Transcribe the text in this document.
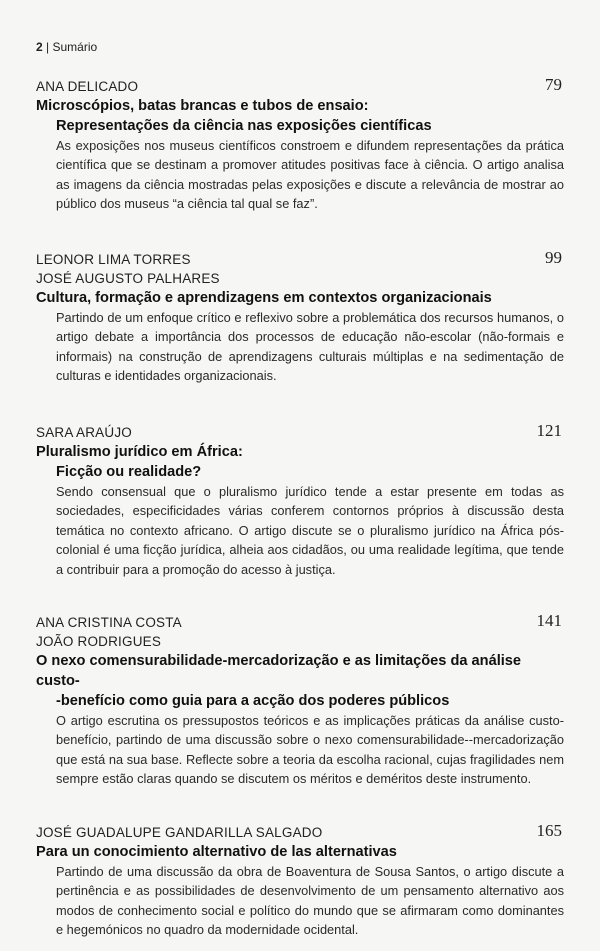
2 | Sumário
ANA DELICADO	79
Microscópios, batas brancas e tubos de ensaio:
Representações da ciência nas exposições científicas
As exposições nos museus científicos constroem e difundem representações da prática científica que se destinam a promover atitudes positivas face à ciência. O artigo analisa as imagens da ciência mostradas pelas exposições e discute a relevância de mostrar ao público dos museus “a ciência tal qual se faz”.
LEONOR LIMA TORRES	99
JOSÉ AUGUSTO PALHARES
Cultura, formação e aprendizagens em contextos organizacionais
Partindo de um enfoque crítico e reflexivo sobre a problemática dos recursos humanos, o artigo debate a importância dos processos de educação não-escolar (não-formais e informais) na construção de aprendizagens culturais múltiplas e na sedimentação de culturas e identidades organizacionais.
SARA ARAÚJO	121
Pluralismo jurídico em África:
Ficção ou realidade?
Sendo consensual que o pluralismo jurídico tende a estar presente em todas as sociedades, especificidades várias conferem contornos próprios à discussão desta temática no contexto africano. O artigo discute se o pluralismo jurídico na África pós-colonial é uma ficção jurídica, alheia aos cidadãos, ou uma realidade legítima, que tende a contribuir para a promoção do acesso à justiça.
ANA CRISTINA COSTA	141
JOÃO RODRIGUES
O nexo comensurabilidade-mercadorização e as limitações da análise custo-
-benefício como guia para a acção dos poderes públicos
O artigo escrutina os pressupostos teóricos e as implicações práticas da análise custo-benefício, partindo de uma discussão sobre o nexo comensurabilidade--mercadorização que está na sua base. Reflecte sobre a teoria da escolha racional, cujas fragilidades nem sempre estão claras quando se discutem os méritos e deméritos deste instrumento.
JOSÉ GUADALUPE GANDARILLA SALGADO	165
Para un conocimiento alternativo de las alternativas
Partindo de uma discussão da obra de Boaventura de Sousa Santos, o artigo discute a pertinência e as possibilidades de desenvolvimento de um pensamento alternativo aos modos de conhecimento social e político do mundo que se afirmaram como dominantes e hegemónicos no quadro da modernidade ocidental.
